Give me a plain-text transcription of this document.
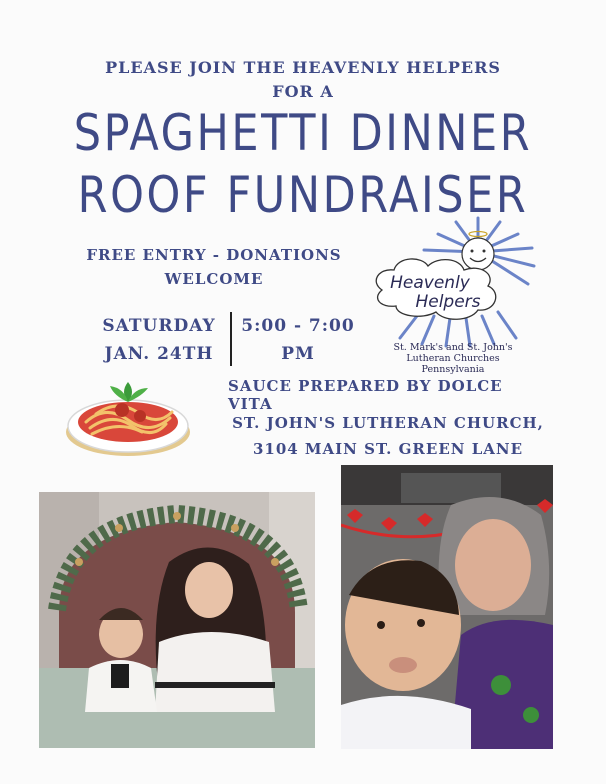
PLEASE JOIN THE HEAVENLY HELPERS
FOR A
SPAGHETTI DINNER
ROOF FUNDRAISER
FREE ENTRY - DONATIONS
WELCOME
SATURDAY
JAN. 24TH
5:00 - 7:00
PM
SAUCE PREPARED BY DOLCE VITA
ST. JOHN'S LUTHERAN CHURCH,
3104 MAIN ST. GREEN LANE
Heavenly
Helpers
St. Mark's and St. John's
Lutheran Churches
Pennsylvania
